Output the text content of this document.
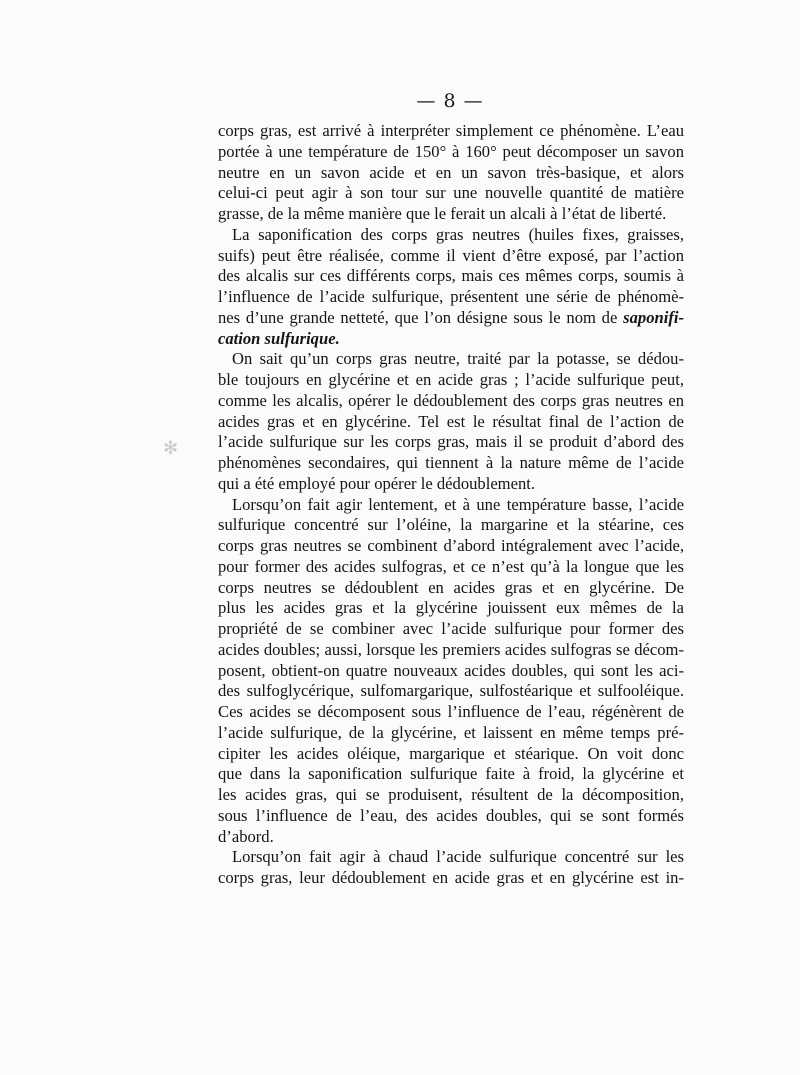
— 8 —
✻
corps gras, est arrivé à interpréter simplement ce phénomène. L’eau
portée à une température de 150° à 160° peut décomposer un savon
neutre en un savon acide et en un savon très-basique, et alors
celui-ci peut agir à son tour sur une nouvelle quantité de matière
grasse, de la même manière que le ferait un alcali à l’état de liberté.
La saponification des corps gras neutres (huiles fixes, graisses,
suifs) peut être réalisée, comme il vient d’être exposé, par l’action
des alcalis sur ces différents corps, mais ces mêmes corps, soumis à
l’influence de l’acide sulfurique, présentent une série de phénomè-
nes d’une grande netteté, que l’on désigne sous le nom de saponifi-
cation sulfurique.
On sait qu’un corps gras neutre, traité par la potasse, se dédou-
ble toujours en glycérine et en acide gras ; l’acide sulfurique peut,
comme les alcalis, opérer le dédoublement des corps gras neutres en
acides gras et en glycérine. Tel est le résultat final de l’action de
l’acide sulfurique sur les corps gras, mais il se produit d’abord des
phénomènes secondaires, qui tiennent à la nature même de l’acide
qui a été employé pour opérer le dédoublement.
Lorsqu’on fait agir lentement, et à une température basse, l’acide
sulfurique concentré sur l’oléine, la margarine et la stéarine, ces
corps gras neutres se combinent d’abord intégralement avec l’acide,
pour former des acides sulfogras, et ce n’est qu’à la longue que les
corps neutres se dédoublent en acides gras et en glycérine. De
plus les acides gras et la glycérine jouissent eux mêmes de la
propriété de se combiner avec l’acide sulfurique pour former des
acides doubles; aussi, lorsque les premiers acides sulfogras se décom-
posent, obtient-on quatre nouveaux acides doubles, qui sont les aci-
des sulfoglycérique, sulfomargarique, sulfostéarique et sulfooléique.
Ces acides se décomposent sous l’influence de l’eau, régénèrent de
l’acide sulfurique, de la glycérine, et laissent en même temps pré-
cipiter les acides oléique, margarique et stéarique. On voit donc
que dans la saponification sulfurique faite à froid, la glycérine et
les acides gras, qui se produisent, résultent de la décomposition,
sous l’influence de l’eau, des acides doubles, qui se sont formés
d’abord.
Lorsqu’on fait agir à chaud l’acide sulfurique concentré sur les
corps gras, leur dédoublement en acide gras et en glycérine est in-
